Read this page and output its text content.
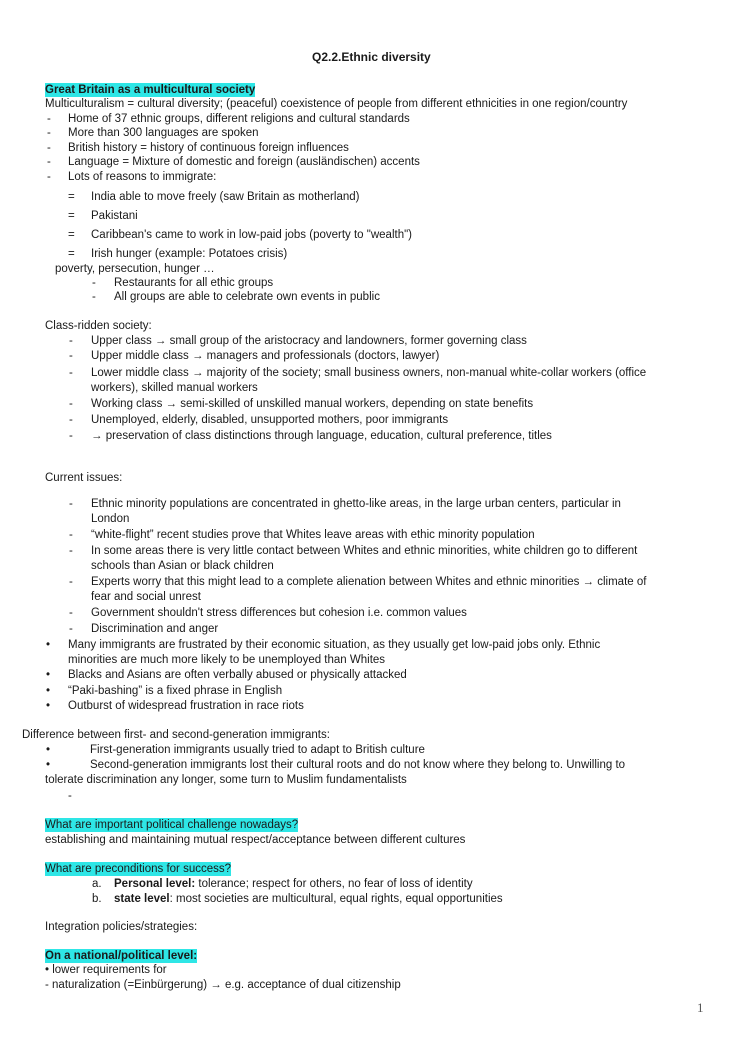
Q2.2.Ethnic diversity
Great Britain as a multicultural society
Multiculturalism = cultural diversity; (peaceful) coexistence of people from different ethnicities in one region/country
- Home of 37 ethnic groups, different religions and cultural standards
- More than 300 languages are spoken
- British history = history of continuous foreign influences
- Language = Mixture of domestic and foreign (ausländischen) accents
- Lots of reasons to immigrate:
= India able to move freely (saw Britain as motherland)
= Pakistani
= Caribbean's came to work in low-paid jobs (poverty to "wealth")
= Irish hunger (example: Potatoes crisis)
poverty, persecution, hunger …
- Restaurants for all ethic groups
- All groups are able to celebrate own events in public
Class-ridden society:
- Upper class → small group of the aristocracy and landowners, former governing class
- Upper middle class → managers and professionals (doctors, lawyer)
- Lower middle class → majority of the society; small business owners, non-manual white-collar workers (office
workers), skilled manual workers
- Working class → semi-skilled of unskilled manual workers, depending on state benefits
- Unemployed, elderly, disabled, unsupported mothers, poor immigrants
- → preservation of class distinctions through language, education, cultural preference, titles
Current issues:
- Ethnic minority populations are concentrated in ghetto-like areas, in the large urban centers, particular in
London
- “white-flight” recent studies prove that Whites leave areas with ethic minority population
- In some areas there is very little contact between Whites and ethnic minorities, white children go to different
schools than Asian or black children
- Experts worry that this might lead to a complete alienation between Whites and ethnic minorities → climate of
fear and social unrest
- Government shouldn't stress differences but cohesion i.e. common values
- Discrimination and anger
• Many immigrants are frustrated by their economic situation, as they usually get low-paid jobs only. Ethnic
minorities are much more likely to be unemployed than Whites
• Blacks and Asians are often verbally abused or physically attacked
• “Paki-bashing” is a fixed phrase in English
• Outburst of widespread frustration in race riots
Difference between first- and second-generation immigrants:
•	First-generation immigrants usually tried to adapt to British culture
•	Second-generation immigrants lost their cultural roots and do not know where they belong to. Unwilling to
tolerate discrimination any longer, some turn to Muslim fundamentalists
-
What are important political challenge nowadays?
establishing and maintaining mutual respect/acceptance between different cultures
What are preconditions for success?
a. Personal level: tolerance; respect for others, no fear of loss of identity
b. state level: most societies are multicultural, equal rights, equal opportunities
Integration policies/strategies:
On a national/political level:
• lower requirements for
- naturalization (=Einbürgerung) → e.g. acceptance of dual citizenship
1
